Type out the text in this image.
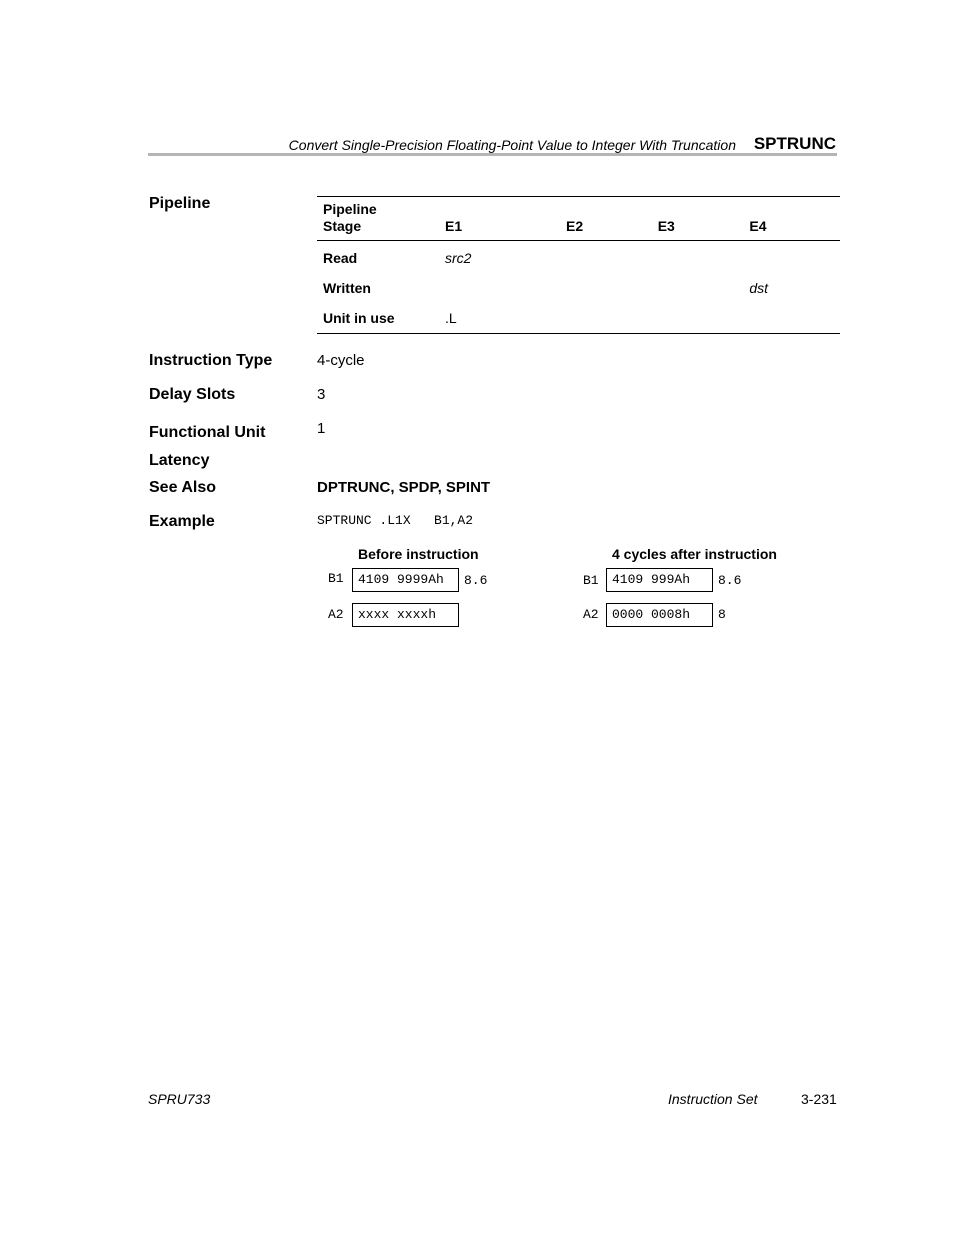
Convert Single-Precision Floating-Point Value to Integer With Truncation SPTRUNC
Pipeline	Pipeline
Stage	E1	E2	E3	E4
Read	src2			
Written				dst
Unit in use	.L			
Instruction Type	4-cycle
Delay Slots	3
Functional Unit
Latency
1
See Also	DPTRUNC, SPDP, SPINT
Example	SPTRUNC .L1X   B1,A2
Before instruction	4 cycles after instruction
B1	4109 9999Ah	8.6
A2	xxxx xxxxh
B1	4109 999Ah	8.6
A2	0000 0008h	8
SPRU733	Instruction Set	3-231
